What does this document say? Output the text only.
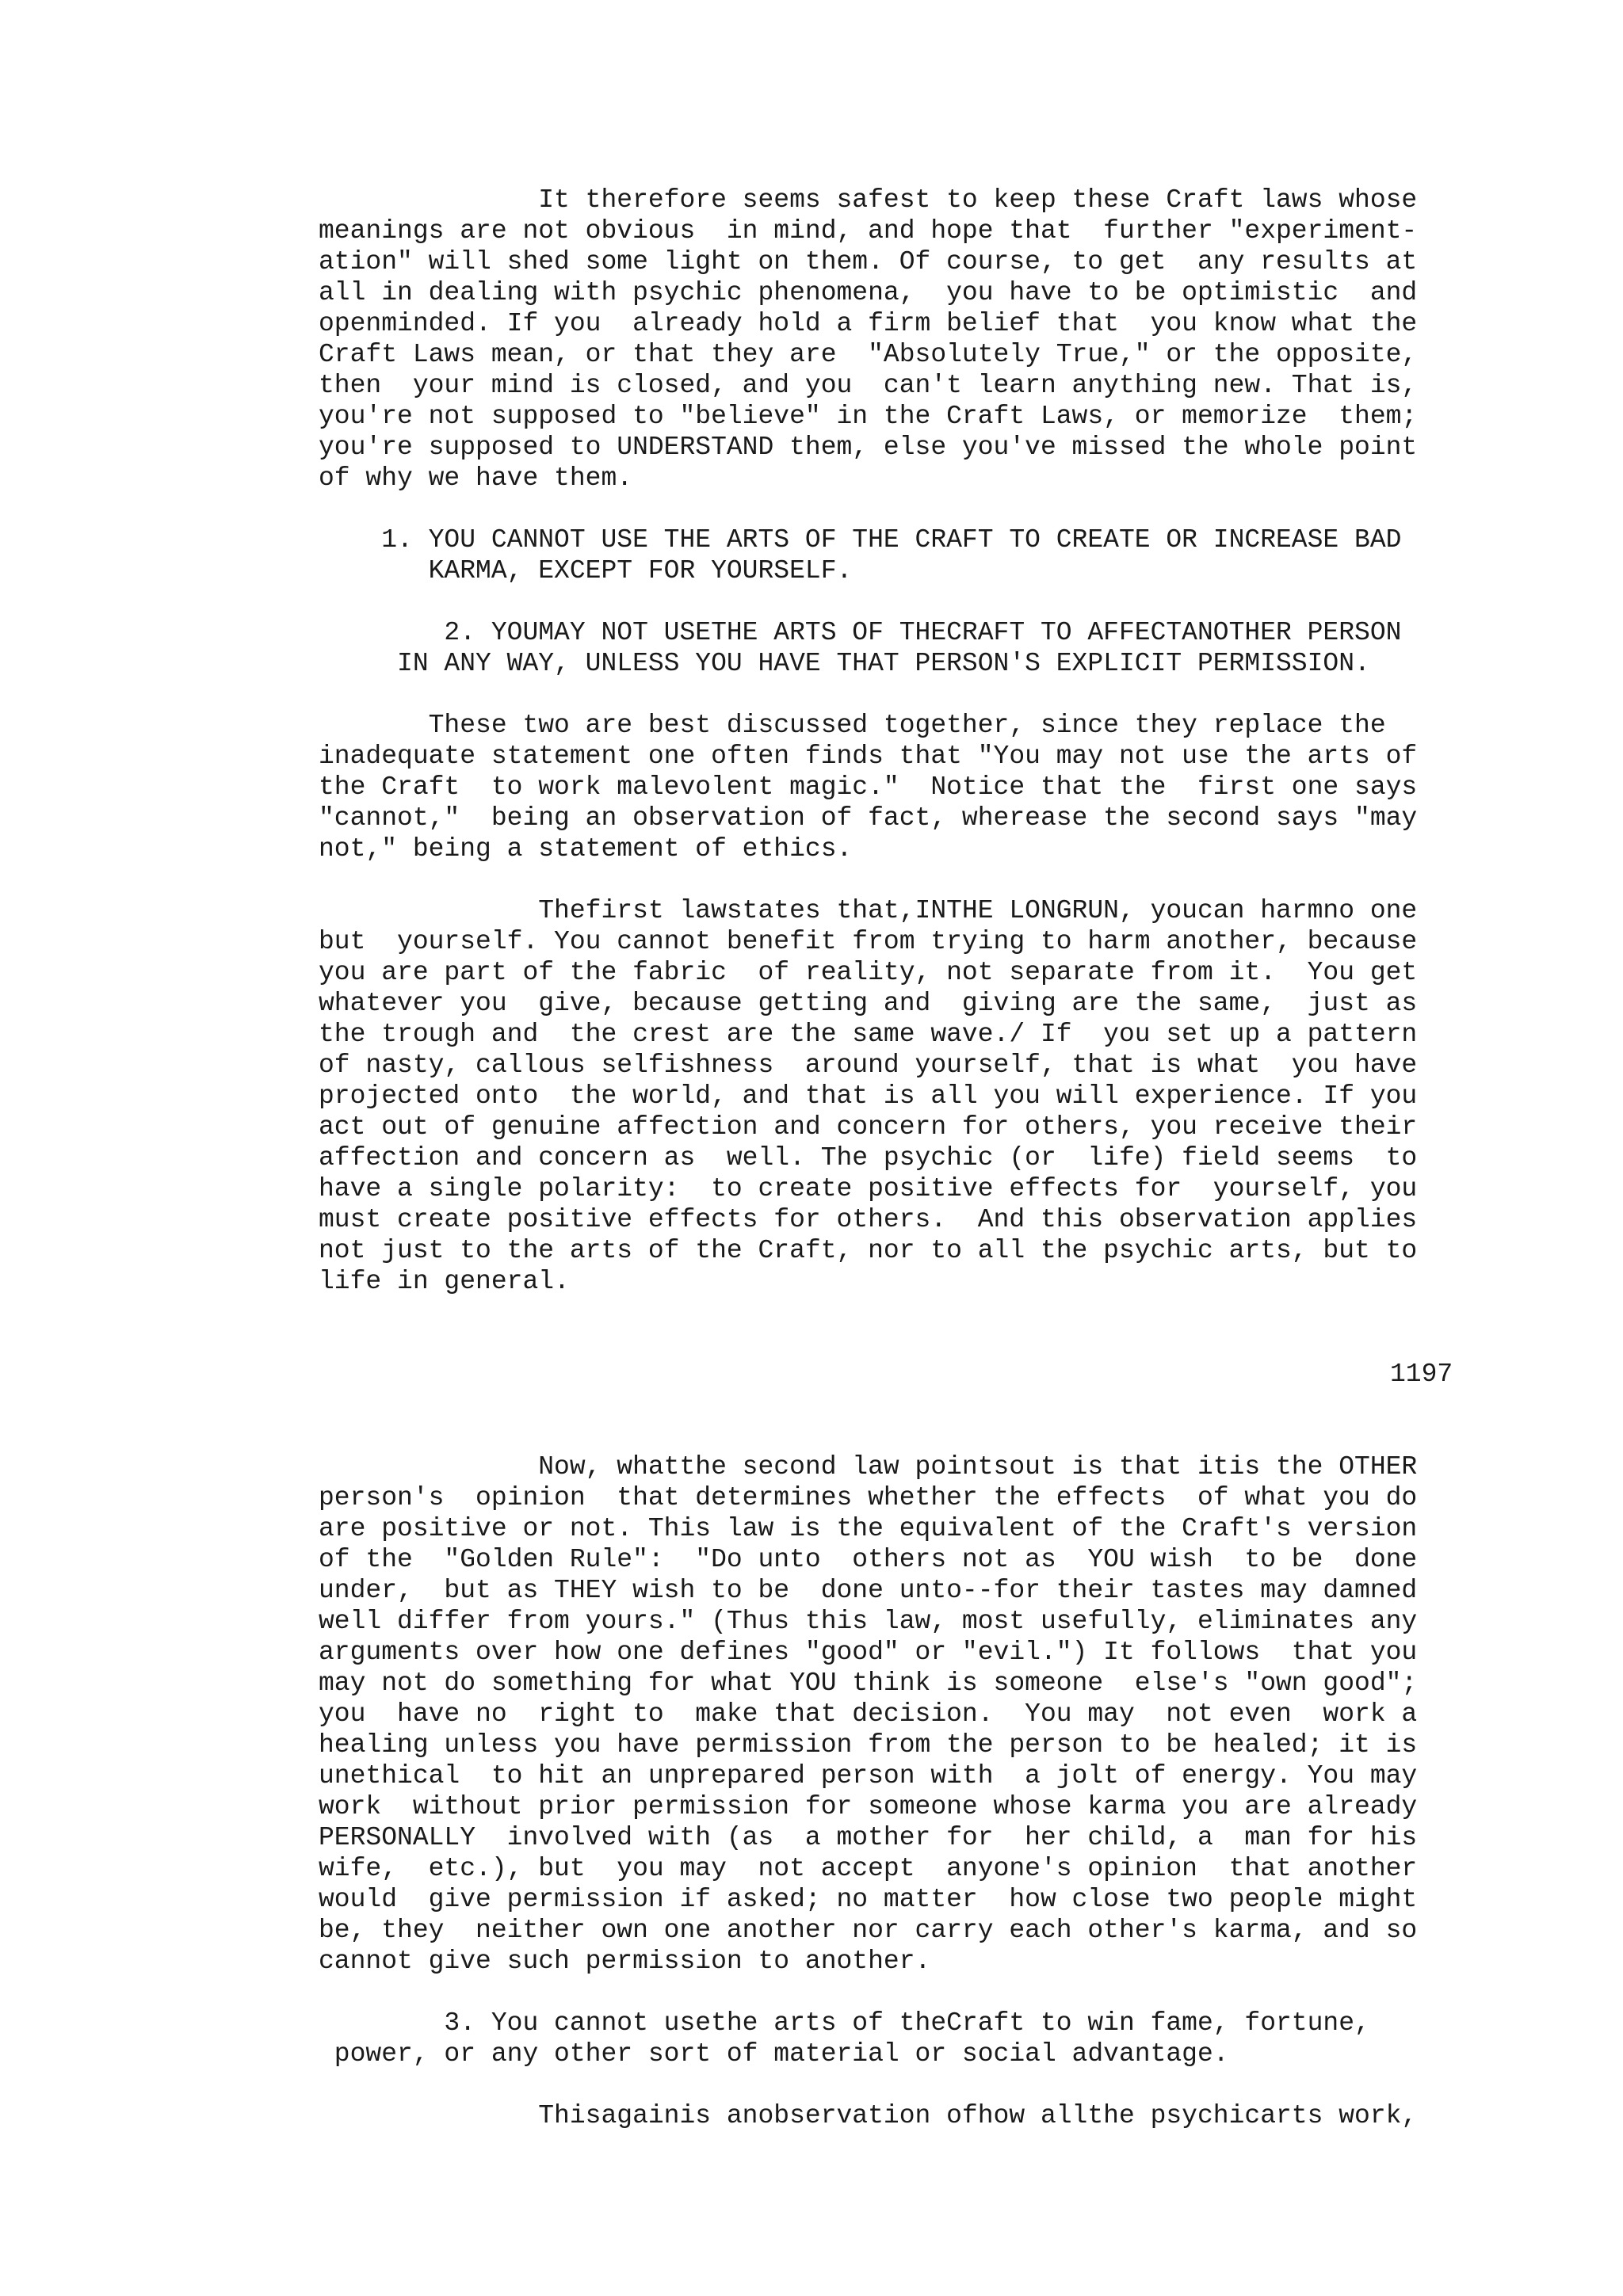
It therefore seems safest to keep these Craft laws whose
meanings are not obvious  in mind, and hope that  further "experiment-
ation" will shed some light on them. Of course, to get  any results at
all in dealing with psychic phenomena,  you have to be optimistic  and
openminded. If you  already hold a firm belief that  you know what the
Craft Laws mean, or that they are  "Absolutely True," or the opposite,
then  your mind is closed, and you  can't learn anything new. That is,
you're not supposed to "believe" in the Craft Laws, or memorize  them;
you're supposed to UNDERSTAND them, else you've missed the whole point
of why we have them.
1. YOU CANNOT USE THE ARTS OF THE CRAFT TO CREATE OR INCREASE BAD
KARMA, EXCEPT FOR YOURSELF.
2. YOUMAY NOT USETHE ARTS OF THECRAFT TO AFFECTANOTHER PERSON
IN ANY WAY, UNLESS YOU HAVE THAT PERSON'S EXPLICIT PERMISSION.
These two are best discussed together, since they replace the
inadequate statement one often finds that "You may not use the arts of
the Craft  to work malevolent magic."  Notice that the  first one says
"cannot,"  being an observation of fact, wherease the second says "may
not," being a statement of ethics.
Thefirst lawstates that,INTHE LONGRUN, youcan harmno one
but  yourself. You cannot benefit from trying to harm another, because
you are part of the fabric  of reality, not separate from it.  You get
whatever you  give, because getting and  giving are the same,  just as
the trough and  the crest are the same wave./ If  you set up a pattern
of nasty, callous selfishness  around yourself, that is what  you have
projected onto  the world, and that is all you will experience. If you
act out of genuine affection and concern for others, you receive their
affection and concern as  well. The psychic (or  life) field seems  to
have a single polarity:  to create positive effects for  yourself, you
must create positive effects for others.  And this observation applies
not just to the arts of the Craft, nor to all the psychic arts, but to
life in general.
1197
Now, whatthe second law pointsout is that itis the OTHER
person's  opinion  that determines whether the effects  of what you do
are positive or not. This law is the equivalent of the Craft's version
of the  "Golden Rule":  "Do unto  others not as  YOU wish  to be  done
under,  but as THEY wish to be  done unto--for their tastes may damned
well differ from yours." (Thus this law, most usefully, eliminates any
arguments over how one defines "good" or "evil.") It follows  that you
may not do something for what YOU think is someone  else's "own good";
you  have no  right to  make that decision.  You may  not even  work a
healing unless you have permission from the person to be healed; it is
unethical  to hit an unprepared person with  a jolt of energy. You may
work  without prior permission for someone whose karma you are already
PERSONALLY  involved with (as  a mother for  her child, a  man for his
wife,  etc.), but  you may  not accept  anyone's opinion  that another
would  give permission if asked; no matter  how close two people might
be, they  neither own one another nor carry each other's karma, and so
cannot give such permission to another.
3. You cannot usethe arts of theCraft to win fame, fortune,
power, or any other sort of material or social advantage.
Thisagainis anobservation ofhow allthe psychicarts work,
